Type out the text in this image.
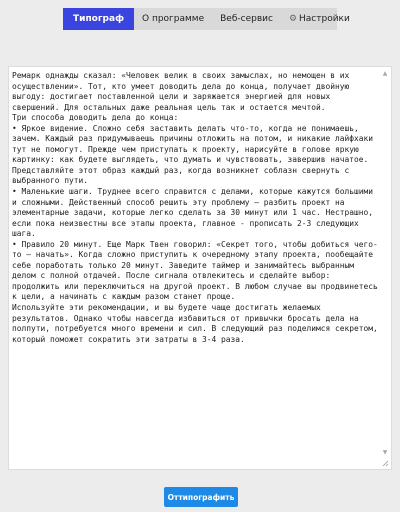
Типограф О программе Веб-сервис ⚙ Настройки
Ремарк однажды сказал: «Человек велик в своих замыслах, но немощен в их осуществлении». Тот, кто умеет доводить дела до конца, получает двойную выгоду: достигает поставленной цели и заряжается энергией для новых свершений. Для остальных даже реальная цель так и остается мечтой.
Три способа доводить дела до конца:
• Яркое видение. Сложно себя заставить делать что-то, когда не понимаешь, зачем. Каждый раз придумываешь причины отложить на потом, и никакие лайфхаки тут не помогут. Прежде чем приступать к проекту, нарисуйте в голове яркую картинку: как будете выглядеть, что думать и чувствовать, завершив начатое. Представляйте этот образ каждый раз, когда возникнет соблазн свернуть с выбранного пути.
• Маленькие шаги. Труднее всего справится с делами, которые кажутся большими и сложными. Действенный способ решить эту проблему — разбить проект на элементарные задачи, которые легко сделать за 30 минут или 1 час. Нестрашно, если пока неизвестны все этапы проекта, главное - прописать 2-3 следующих шага.
• Правило 20 минут. Еще Марк Твен говорил: «Секрет того, чтобы добиться чего-то – начать». Когда сложно приступить к очередному этапу проекта, пообещайте себе поработать только 20 минут. Заведите таймер и занимайтесь выбранным делом с полной отдачей. После сигнала отвлекитесь и сделайте выбор: продолжить или переключиться на другой проект. В любом случае вы продвинетесь к цели, а начинать с каждым разом станет проще.
Используйте эти рекомендации, и вы будете чаще достигать желаемых результатов. Однако чтобы навсегда избавиться от привычки бросать дела на полпути, потребуется много времени и сил. В следующий раз поделимся секретом, который поможет сократить эти затраты в 3-4 раза.
▲
▼
Оттипографить
